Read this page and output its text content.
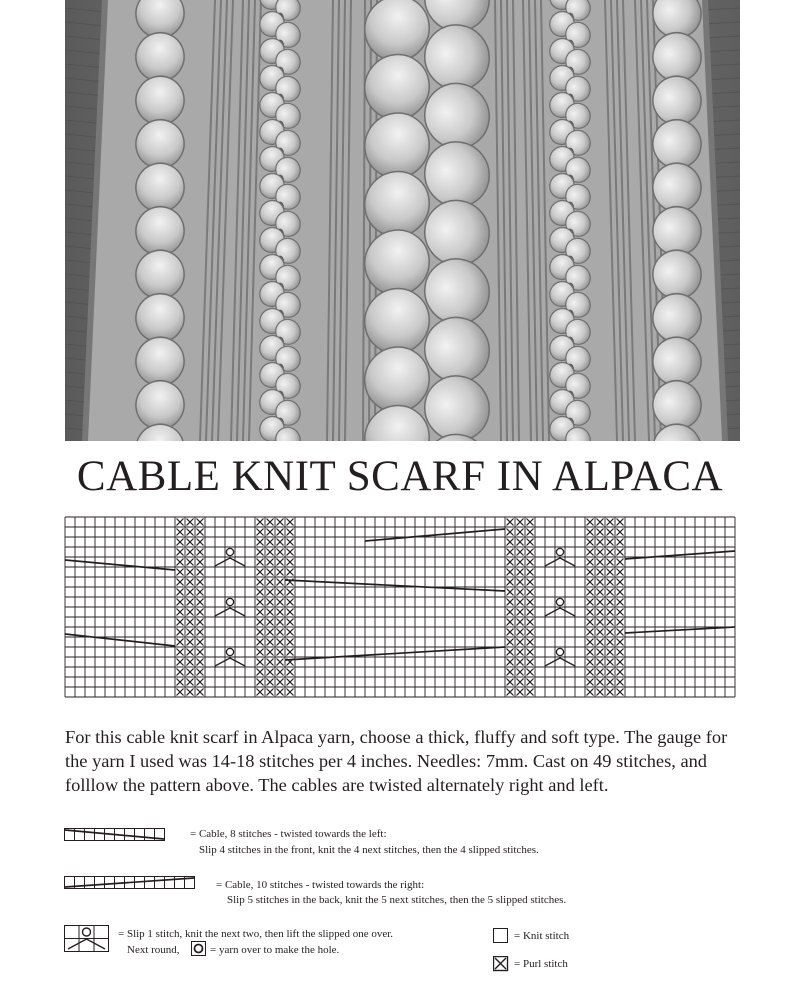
CABLE KNIT SCARF IN ALPACA

For this cable knit scarf in Alpaca yarn, choose a thick, fluffy and soft type. The gauge for the yarn I used was 14-18 stitches per 4 inches. Needles: 7mm. Cast on 49 stitches, and folllow the pattern above. The cables are twisted alternately right and left.

= Cable, 8 stitches - twisted towards the left:
Slip 4 stitches in the front, knit the 4 next stitches, then the 4 slipped stitches.
= Cable, 10 stitches - twisted towards the right:
Slip 5 stitches in the back, knit the 5 next stitches, then the 5 slipped stitches.
= Slip 1 stitch, knit the next two, then lift the slipped one over.
Next round,	= yarn over to make the hole.
= Knit stitch
= Purl stitch
